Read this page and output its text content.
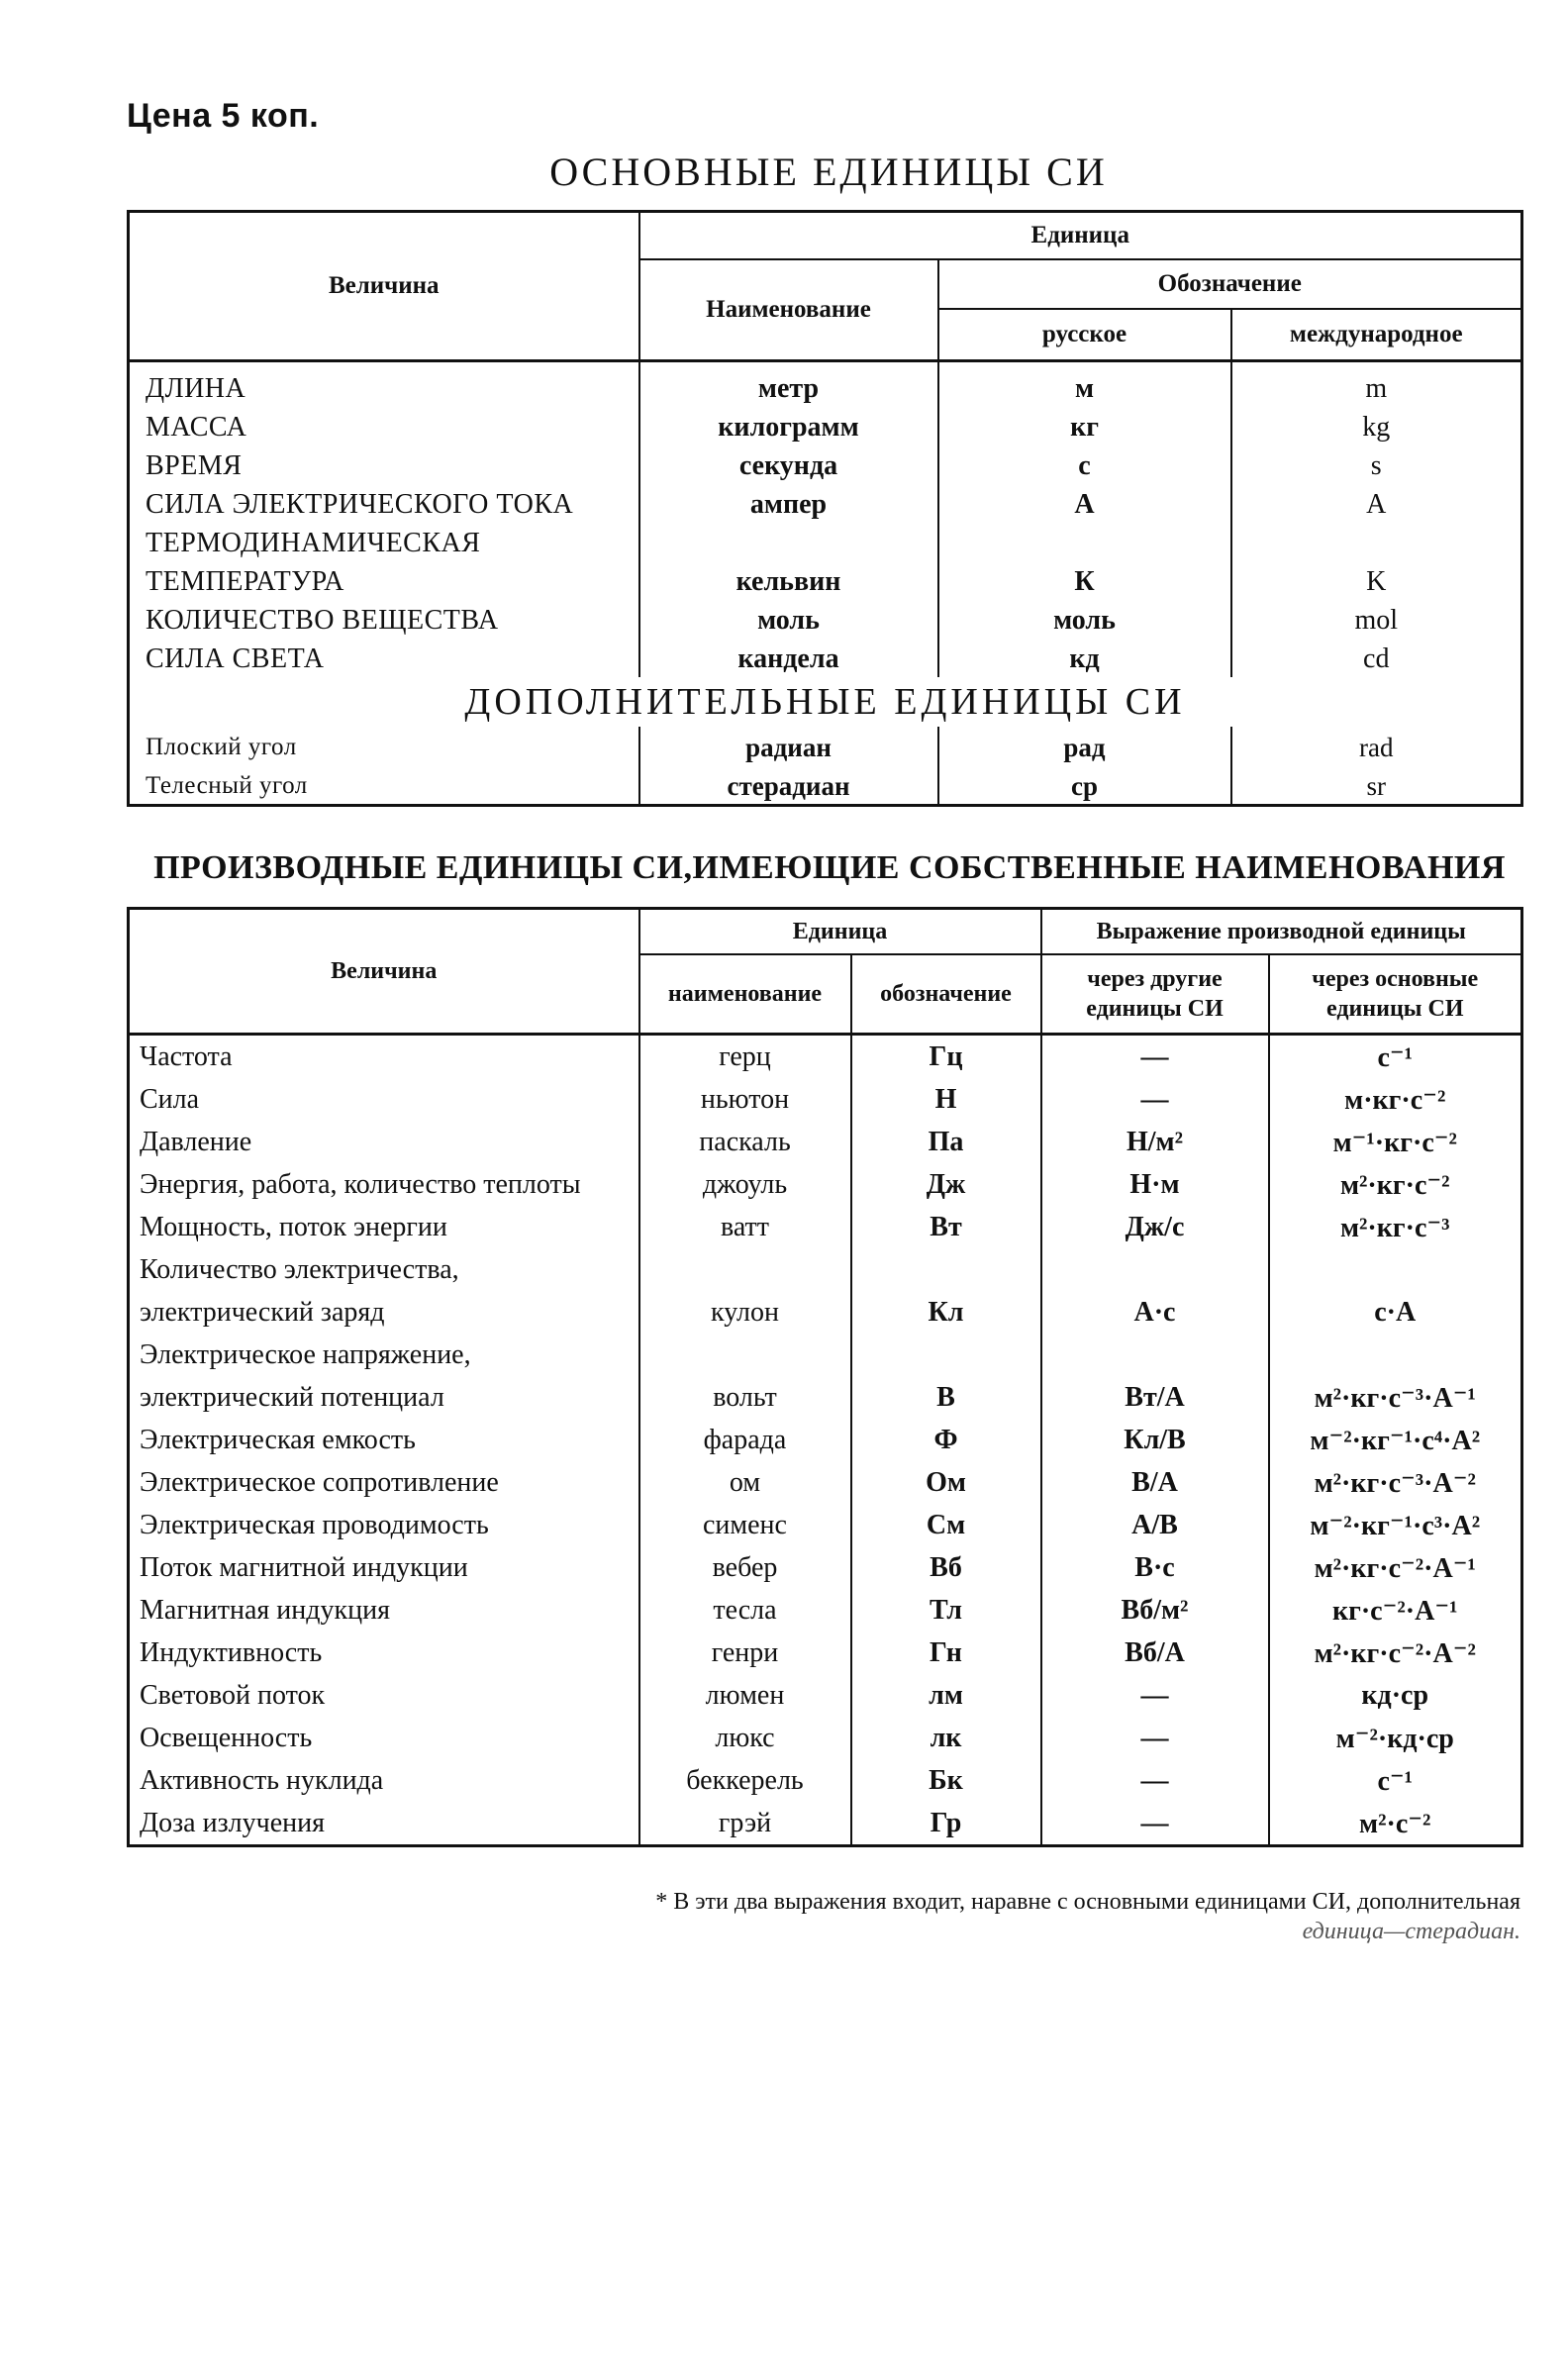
Цена 5 коп.
ОСНОВНЫЕ ЕДИНИЦЫ СИ
Величина	Единица		
	Наименование	Обозначение	
		русское	международное
ДЛИНА	метр	м	m
МАССА	килограмм	кг	kg
ВРЕМЯ	секунда	с	s
СИЛА ЭЛЕКТРИЧЕСКОГО ТОКА	ампер	А	A
ТЕРМОДИНАМИЧЕСКАЯ			
ТЕМПЕРАТУРА	кельвин	К	K
КОЛИЧЕСТВО ВЕЩЕСТВА	моль	моль	mol
СИЛА СВЕТА	кандела	кд	cd
ДОПОЛНИТЕЛЬНЫЕ ЕДИНИЦЫ СИ			
Плоский угол	радиан	рад	rad
Телесный угол	стерадиан	ср	sr
ПРОИЗВОДНЫЕ ЕДИНИЦЫ СИ,ИМЕЮЩИЕ СОБСТВЕННЫЕ НАИМЕНОВАНИЯ
Величина	Единица		Выражение производной единицы	
	наименование	обозначение	через другие единицы СИ	через основные единицы СИ
Частота	герц	Гц	—	с⁻¹
Сила	ньютон	Н	—	м·кг·с⁻²
Давление	паскаль	Па	Н/м²	м⁻¹·кг·с⁻²
Энергия, работа, количество теплоты	джоуль	Дж	Н·м	м²·кг·с⁻²
Мощность, поток энергии	ватт	Вт	Дж/с	м²·кг·с⁻³
Количество электричества,				
электрический заряд	кулон	Кл	А·с	с·А
Электрическое напряжение,				
электрический потенциал	вольт	В	Вт/А	м²·кг·с⁻³·А⁻¹
Электрическая емкость	фарада	Ф	Кл/В	м⁻²·кг⁻¹·с⁴·А²
Электрическое сопротивление	ом	Ом	В/А	м²·кг·с⁻³·А⁻²
Электрическая проводимость	сименс	См	А/В	м⁻²·кг⁻¹·с³·А²
Поток магнитной индукции	вебер	Вб	В·с	м²·кг·с⁻²·А⁻¹
Магнитная индукция	тесла	Тл	Вб/м²	кг·с⁻²·А⁻¹
Индуктивность	генри	Гн	Вб/А	м²·кг·с⁻²·А⁻²
Световой поток	люмен	лм	—	кд·ср
Освещенность	люкс	лк	—	м⁻²·кд·ср
Активность нуклида	беккерель	Бк	—	с⁻¹
Доза излучения	грэй	Гр	—	м²·с⁻²
* В эти два выражения входит, наравне с основными единицами СИ, дополнительная
единица—стерадиан.
